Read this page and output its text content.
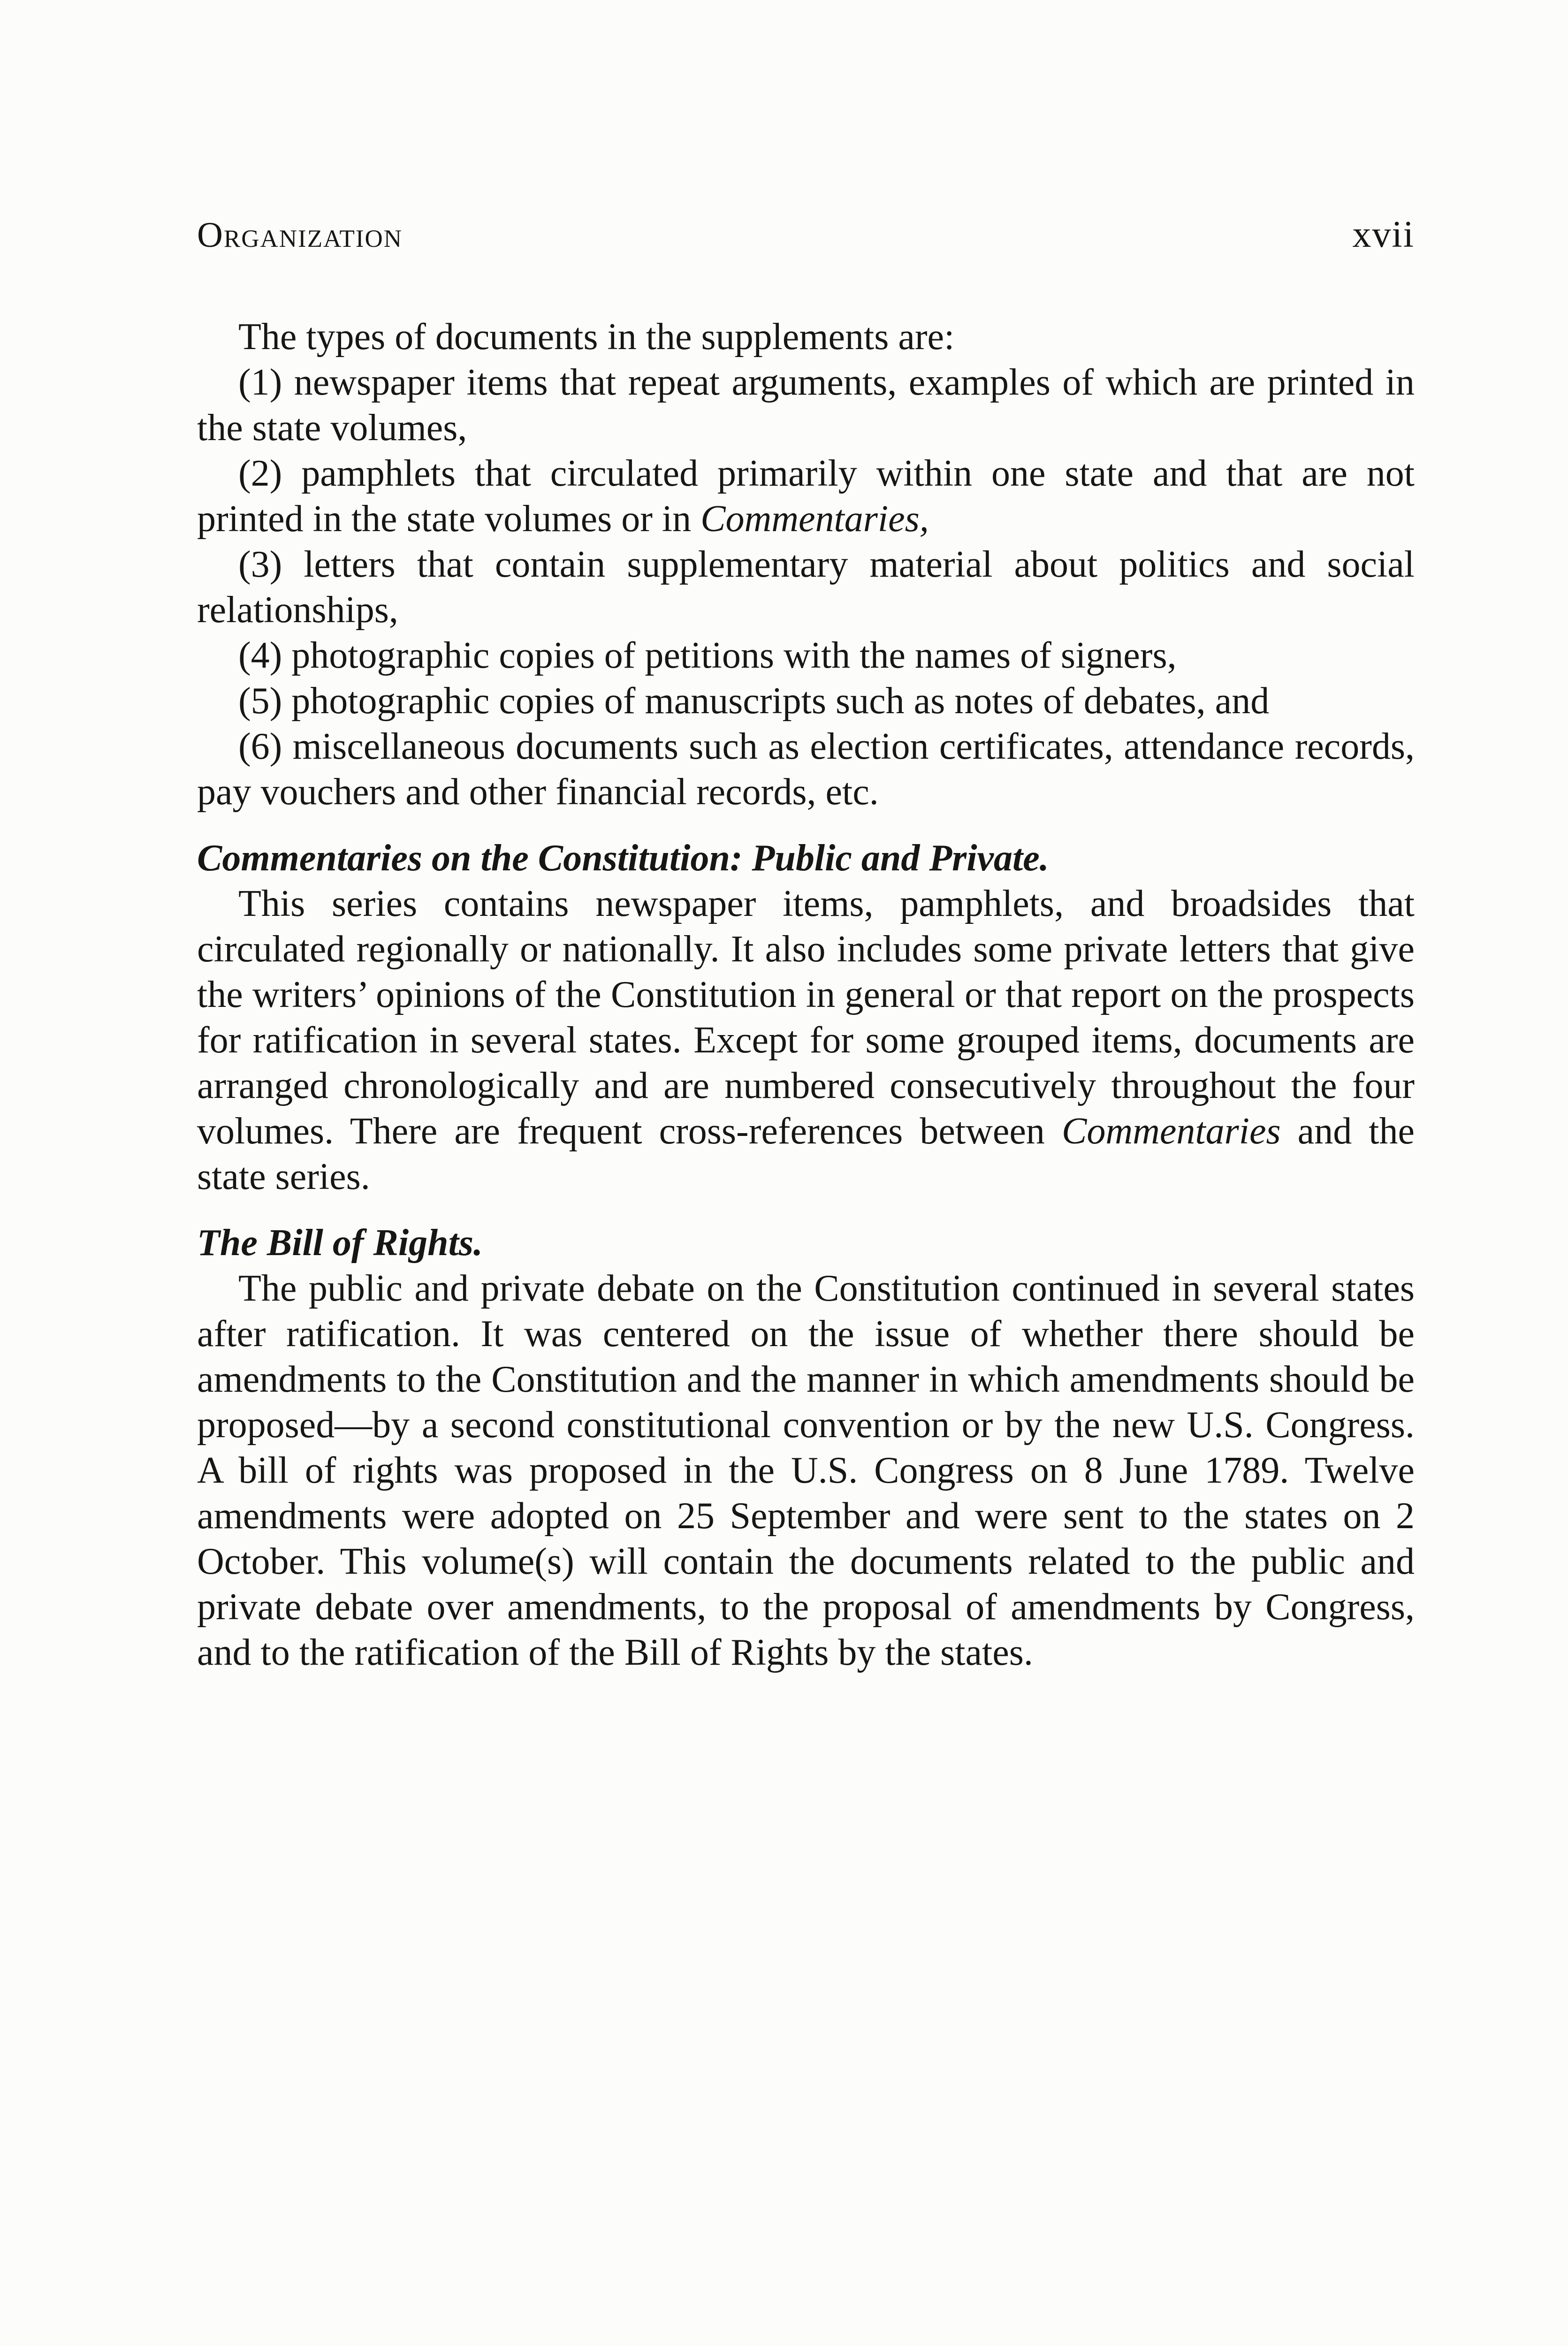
Organization	xvii

The types of documents in the supplements are:

(1) newspaper items that repeat arguments, examples of which are printed in the state volumes,

(2) pamphlets that circulated primarily within one state and that are not printed in the state volumes or in Commentaries,

(3) letters that contain supplementary material about politics and social relationships,

(4) photographic copies of petitions with the names of signers,

(5) photographic copies of manuscripts such as notes of debates, and

(6) miscellaneous documents such as election certificates, attendance records, pay vouchers and other financial records, etc.

Commentaries on the Constitution: Public and Private.

This series contains newspaper items, pamphlets, and broadsides that circulated regionally or nationally. It also includes some private letters that give the writers’ opinions of the Constitution in general or that report on the prospects for ratification in several states. Except for some grouped items, documents are arranged chronologically and are numbered consecutively throughout the four volumes. There are frequent cross-references between Commentaries and the state series.

The Bill of Rights.

The public and private debate on the Constitution continued in several states after ratification. It was centered on the issue of whether there should be amendments to the Constitution and the manner in which amendments should be proposed—by a second constitutional convention or by the new U.S. Congress. A bill of rights was proposed in the U.S. Congress on 8 June 1789. Twelve amendments were adopted on 25 September and were sent to the states on 2 October. This volume(s) will contain the documents related to the public and private debate over amendments, to the proposal of amendments by Congress, and to the ratification of the Bill of Rights by the states.
